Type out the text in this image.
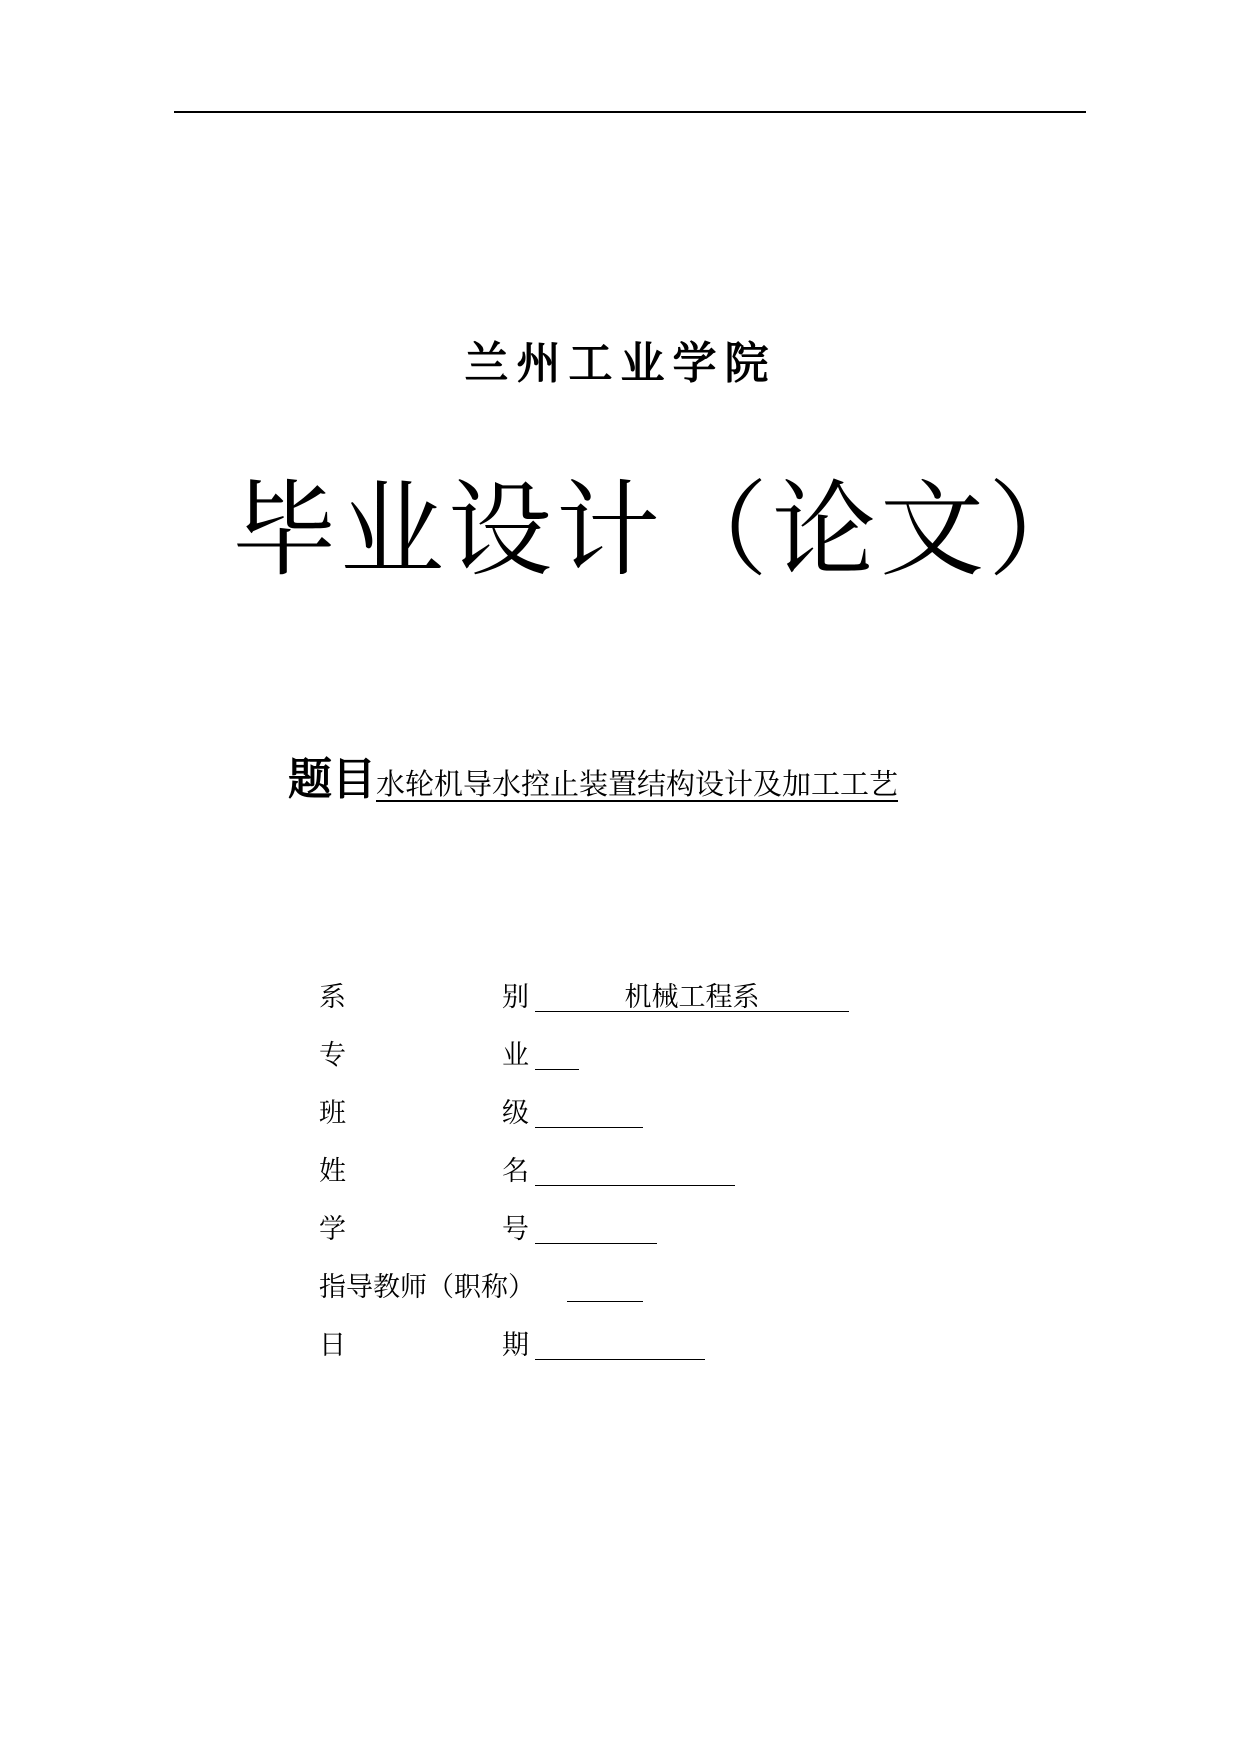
兰州工业学院
毕业设计（论文）
题目水轮机导水控止装置结构设计及加工工艺
系	别	机械工程系
专	业
班	级
姓	名
学	号
指导教师（职称）
日	期
